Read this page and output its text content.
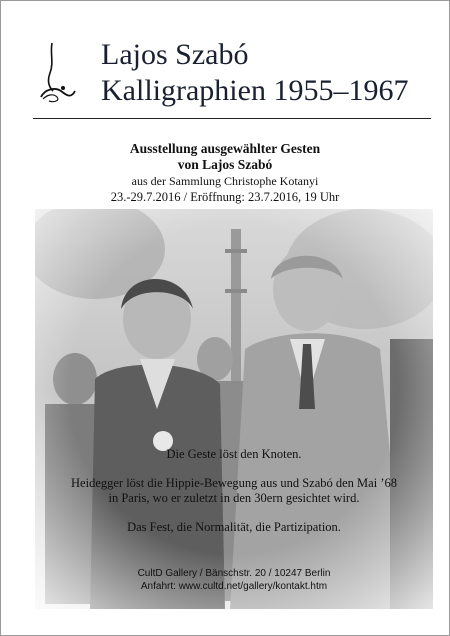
Lajos Szabó
Kalligraphien 1955–1967
Ausstellung ausgewählter Gesten
von Lajos Szabó
aus der Sammlung Christophe Kotanyi
23.-29.7.2016 / Eröffnung: 23.7.2016, 19 Uhr

Die Geste löst den Knoten.

Heidegger löst die Hippie-Bewegung aus und Szabó den Mai ’68
in Paris, wo er zuletzt in den 30ern gesichtet wird.

Das Fest, die Normalität, die Partizipation.

CultD Gallery / Bänschstr. 20 / 10247 Berlin
Anfahrt: www.cultd.net/gallery/kontakt.htm
